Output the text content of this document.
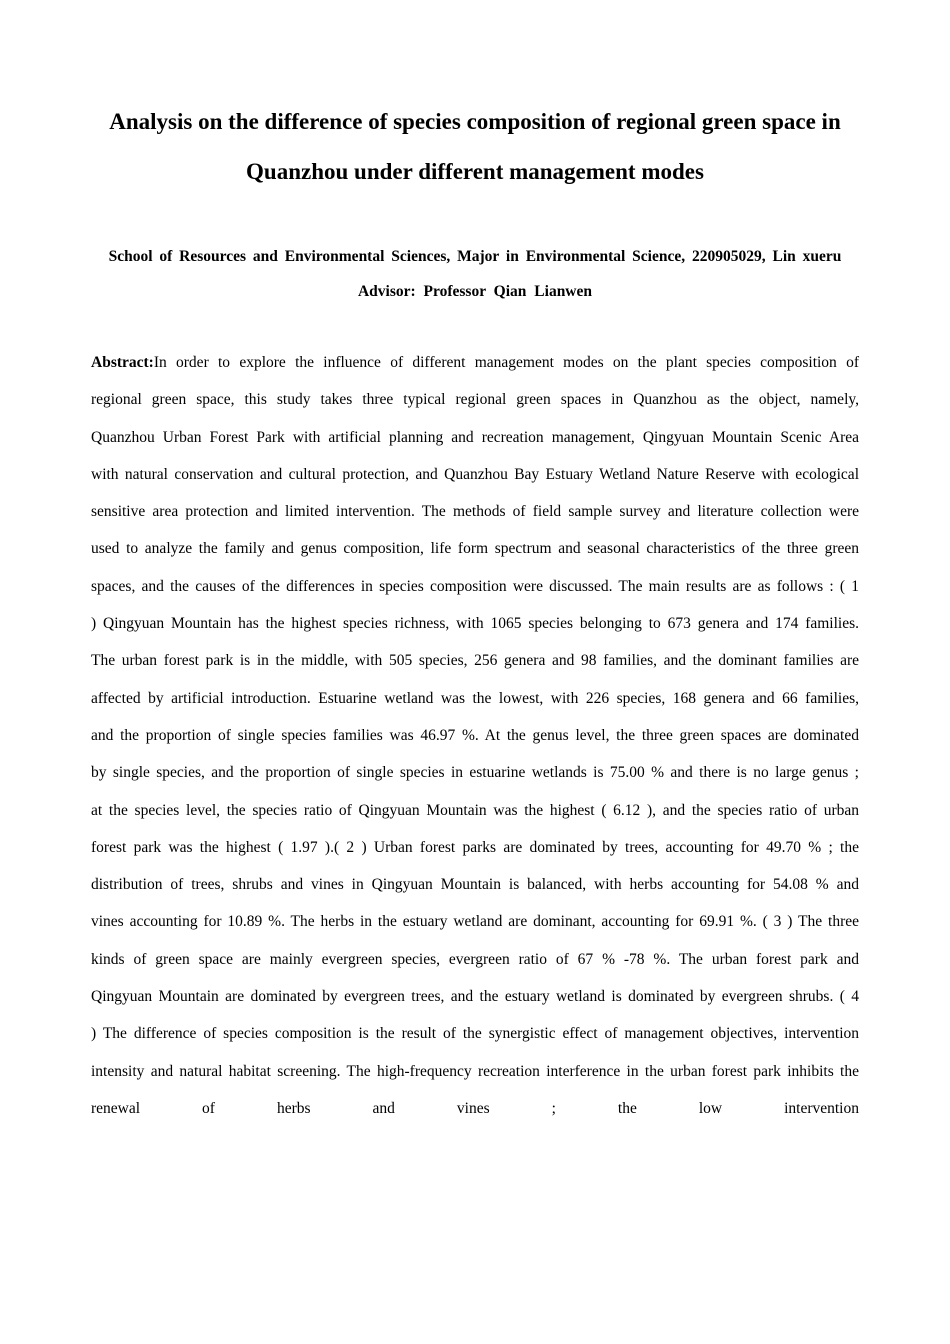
Analysis on the difference of species composition of regional green space in Quanzhou under different management modes

School of Resources and Environmental Sciences, Major in Environmental Science, 220905029, Lin xueru

Advisor: Professor Qian Lianwen

Abstract:In order to explore the influence of different management modes on the plant species composition of regional green space, this study takes three typical regional green spaces in Quanzhou as the object, namely, Quanzhou Urban Forest Park with artificial planning and recreation management, Qingyuan Mountain Scenic Area with natural conservation and cultural protection, and Quanzhou Bay Estuary Wetland Nature Reserve with ecological sensitive area protection and limited intervention. The methods of field sample survey and literature collection were used to analyze the family and genus composition, life form spectrum and seasonal characteristics of the three green spaces, and the causes of the differences in species composition were discussed. The main results are as follows : ( 1 ) Qingyuan Mountain has the highest species richness, with 1065 species belonging to 673 genera and 174 families. The urban forest park is in the middle, with 505 species, 256 genera and 98 families, and the dominant families are affected by artificial introduction. Estuarine wetland was the lowest, with 226 species, 168 genera and 66 families, and the proportion of single species families was 46.97 %. At the genus level, the three green spaces are dominated by single species, and the proportion of single species in estuarine wetlands is 75.00 % and there is no large genus ; at the species level, the species ratio of Qingyuan Mountain was the highest ( 6.12 ), and the species ratio of urban forest park was the highest ( 1.97 ).( 2 ) Urban forest parks are dominated by trees, accounting for 49.70 % ; the distribution of trees, shrubs and vines in Qingyuan Mountain is balanced, with herbs accounting for 54.08 % and vines accounting for 10.89 %. The herbs in the estuary wetland are dominant, accounting for 69.91 %. ( 3 ) The three kinds of green space are mainly evergreen species, evergreen ratio of 67 % -78 %. The urban forest park and Qingyuan Mountain are dominated by evergreen trees, and the estuary wetland is dominated by evergreen shrubs. ( 4 ) The difference of species composition is the result of the synergistic effect of management objectives, intervention intensity and natural habitat screening. The high-frequency recreation interference in the urban forest park inhibits the renewal of herbs and vines ; the low intervention
